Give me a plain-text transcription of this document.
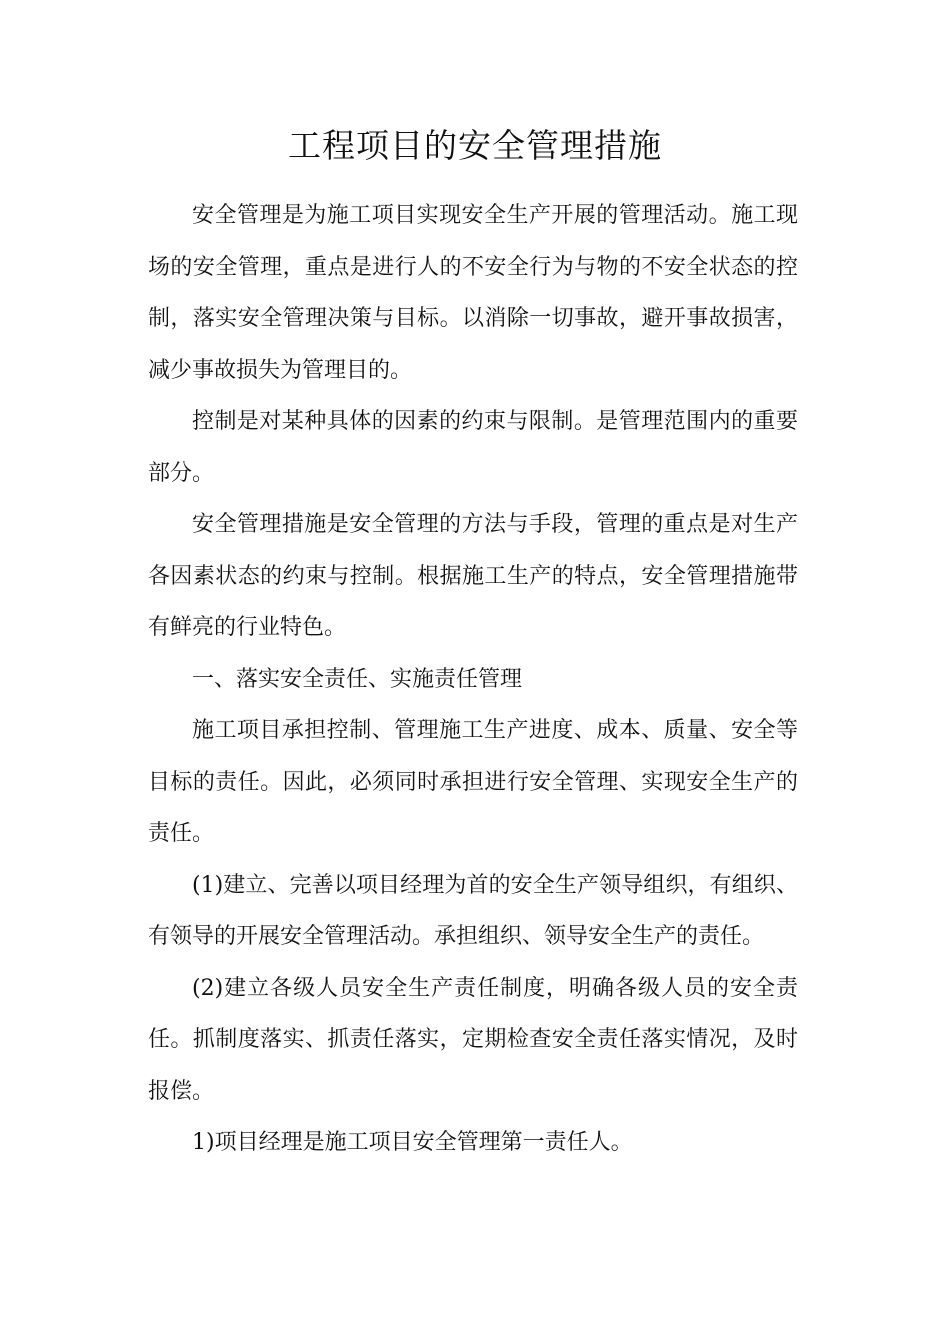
工程项目的安全管理措施

安全管理是为施工项目实现安全生产开展的管理活动。施工现场的安全管理，重点是进行人的不安全行为与物的不安全状态的控制，落实安全管理决策与目标。以消除一切事故，避开事故损害，减少事故损失为管理目的。

控制是对某种具体的因素的约束与限制。是管理范围内的重要部分。

安全管理措施是安全管理的方法与手段，管理的重点是对生产各因素状态的约束与控制。根据施工生产的特点，安全管理措施带有鲜亮的行业特色。

一、落实安全责任、实施责任管理

施工项目承担控制、管理施工生产进度、成本、质量、安全等目标的责任。因此，必须同时承担进行安全管理、实现安全生产的责任。

(1)建立、完善以项目经理为首的安全生产领导组织，有组织、有领导的开展安全管理活动。承担组织、领导安全生产的责任。

(2)建立各级人员安全生产责任制度，明确各级人员的安全责任。抓制度落实、抓责任落实，定期检查安全责任落实情况，及时报偿。

1)项目经理是施工项目安全管理第一责任人。
